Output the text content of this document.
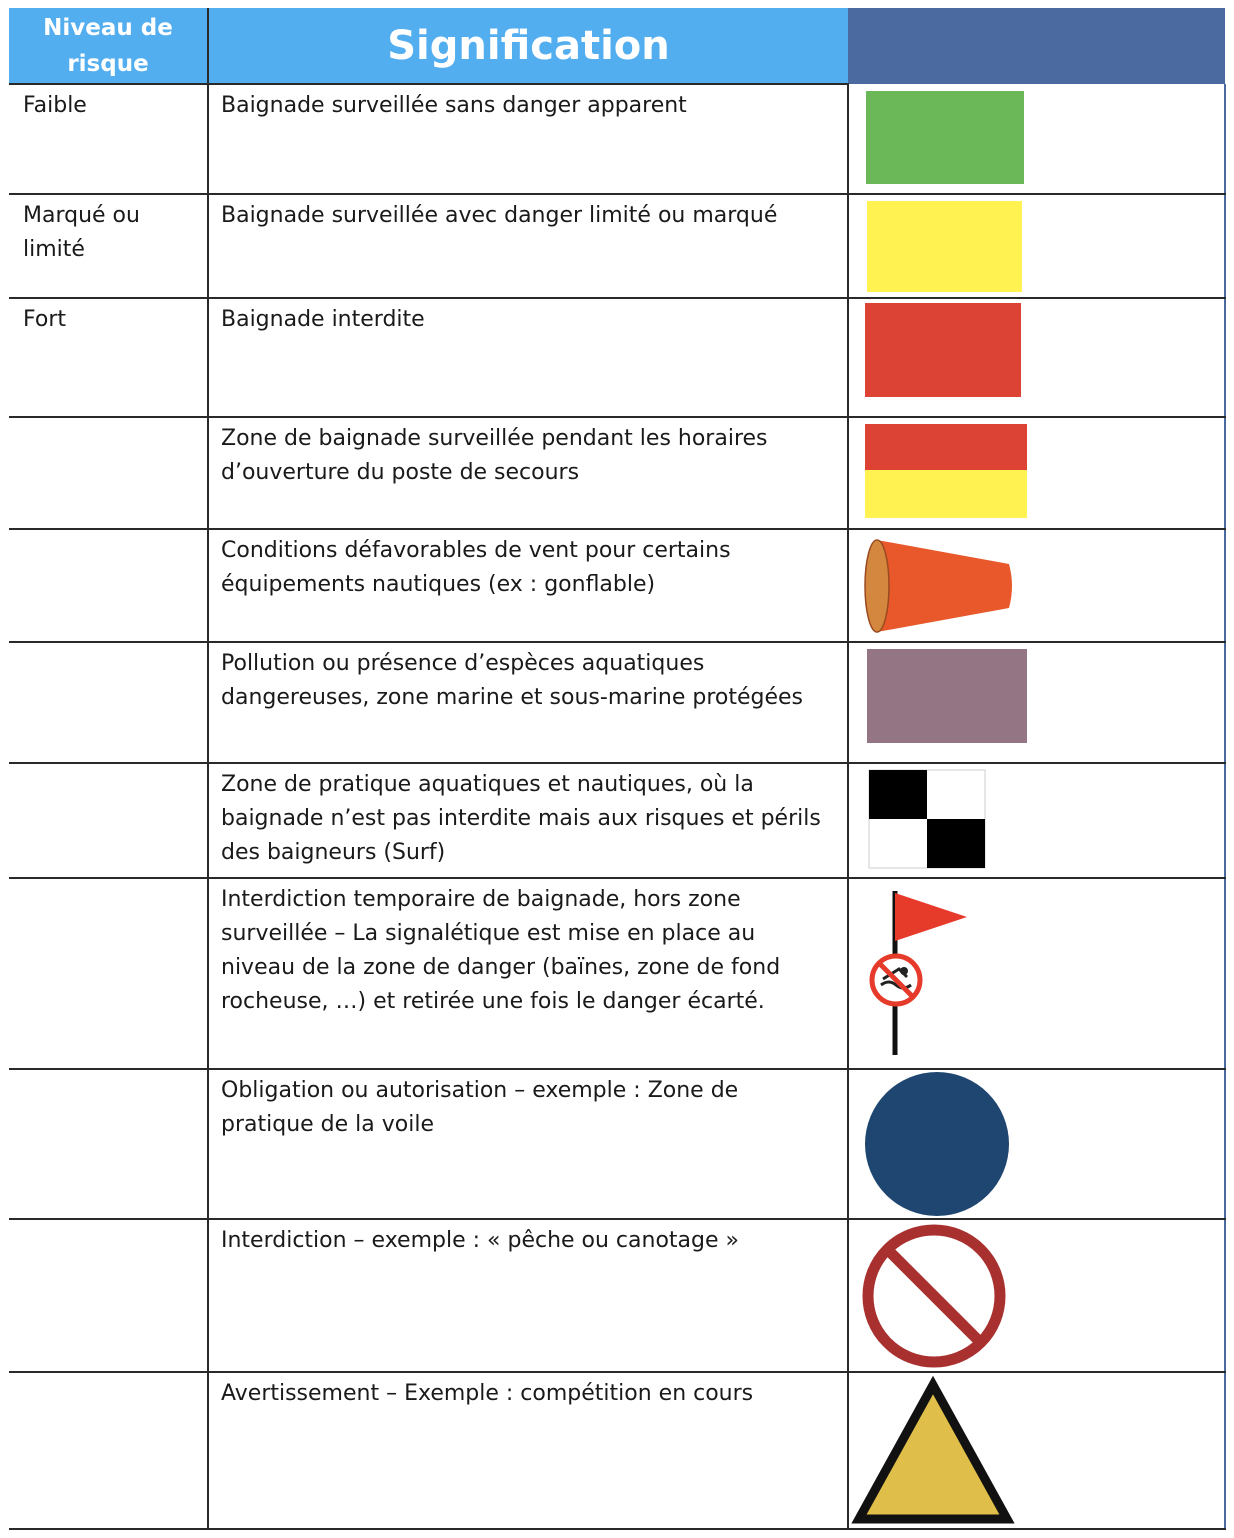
Niveau de risque	Signification	
Faible	Baignade surveillée sans danger apparent	

Marqué ou limité	Baignade surveillée avec danger limité ou marqué	

Fort	Baignade interdite	

	Zone de baignade surveillée pendant les horaires d’ouverture du poste de secours	

	Conditions défavorables de vent pour certains équipements nautiques (ex : gonflable)	

	Pollution ou présence d’espèces aquatiques dangereuses, zone marine et sous-marine protégées	

	Zone de pratique aquatiques et nautiques, où la baignade n’est pas interdite mais aux risques et périls des baigneurs (Surf)	

	Interdiction temporaire de baignade, hors zone surveillée – La signalétique est mise en place au niveau de la zone de danger (baïnes, zone de fond rocheuse, …) et retirée une fois le danger écarté.	

	Obligation ou autorisation – exemple : Zone de pratique de la voile	

	Interdiction – exemple : « pêche ou canotage »	

	Avertissement – Exemple : compétition en cours	
